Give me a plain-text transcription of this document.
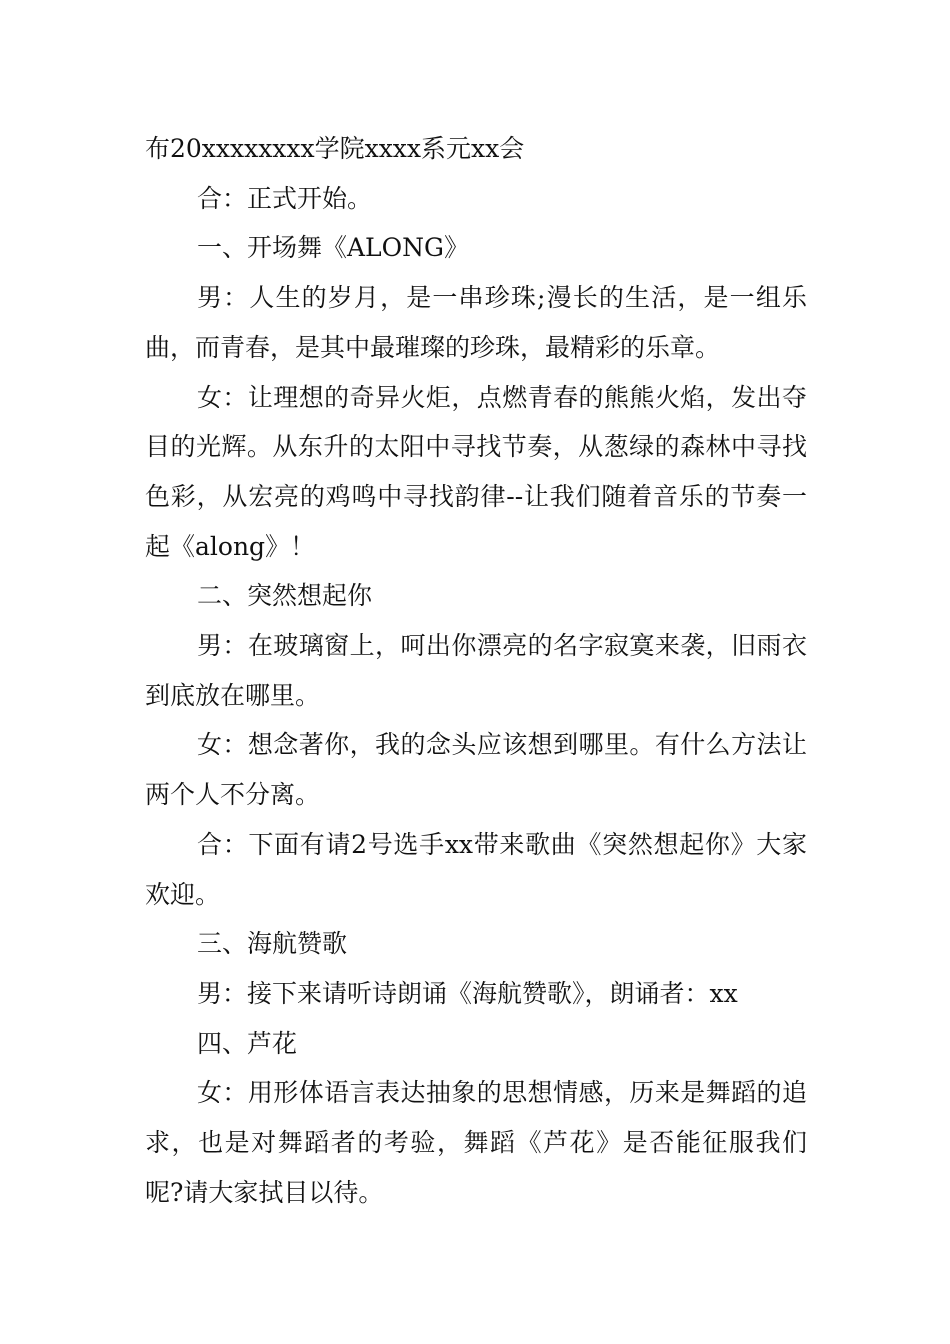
布20xxxxxxxx学院xxxx系元xx会

合：正式开始。

一、开场舞《ALONG》

男：人生的岁月，是一串珍珠;漫长的生活，是一组乐曲，而青春，是其中最璀璨的珍珠，最精彩的乐章。

女：让理想的奇异火炬，点燃青春的熊熊火焰，发出夺目的光辉。从东升的太阳中寻找节奏，从葱绿的森林中寻找色彩，从宏亮的鸡鸣中寻找韵律--让我们随着音乐的节奏一起《along》！

二、突然想起你

男：在玻璃窗上，呵出你漂亮的名字寂寞来袭，旧雨衣到底放在哪里。

女：想念著你，我的念头应该想到哪里。有什么方法让两个人不分离。

合：下面有请2号选手xx带来歌曲《突然想起你》大家欢迎。

三、海航赞歌

男：接下来请听诗朗诵《海航赞歌》，朗诵者：xx

四、芦花

女：用形体语言表达抽象的思想情感，历来是舞蹈的追求，也是对舞蹈者的考验，舞蹈《芦花》是否能征服我们呢?请大家拭目以待。
